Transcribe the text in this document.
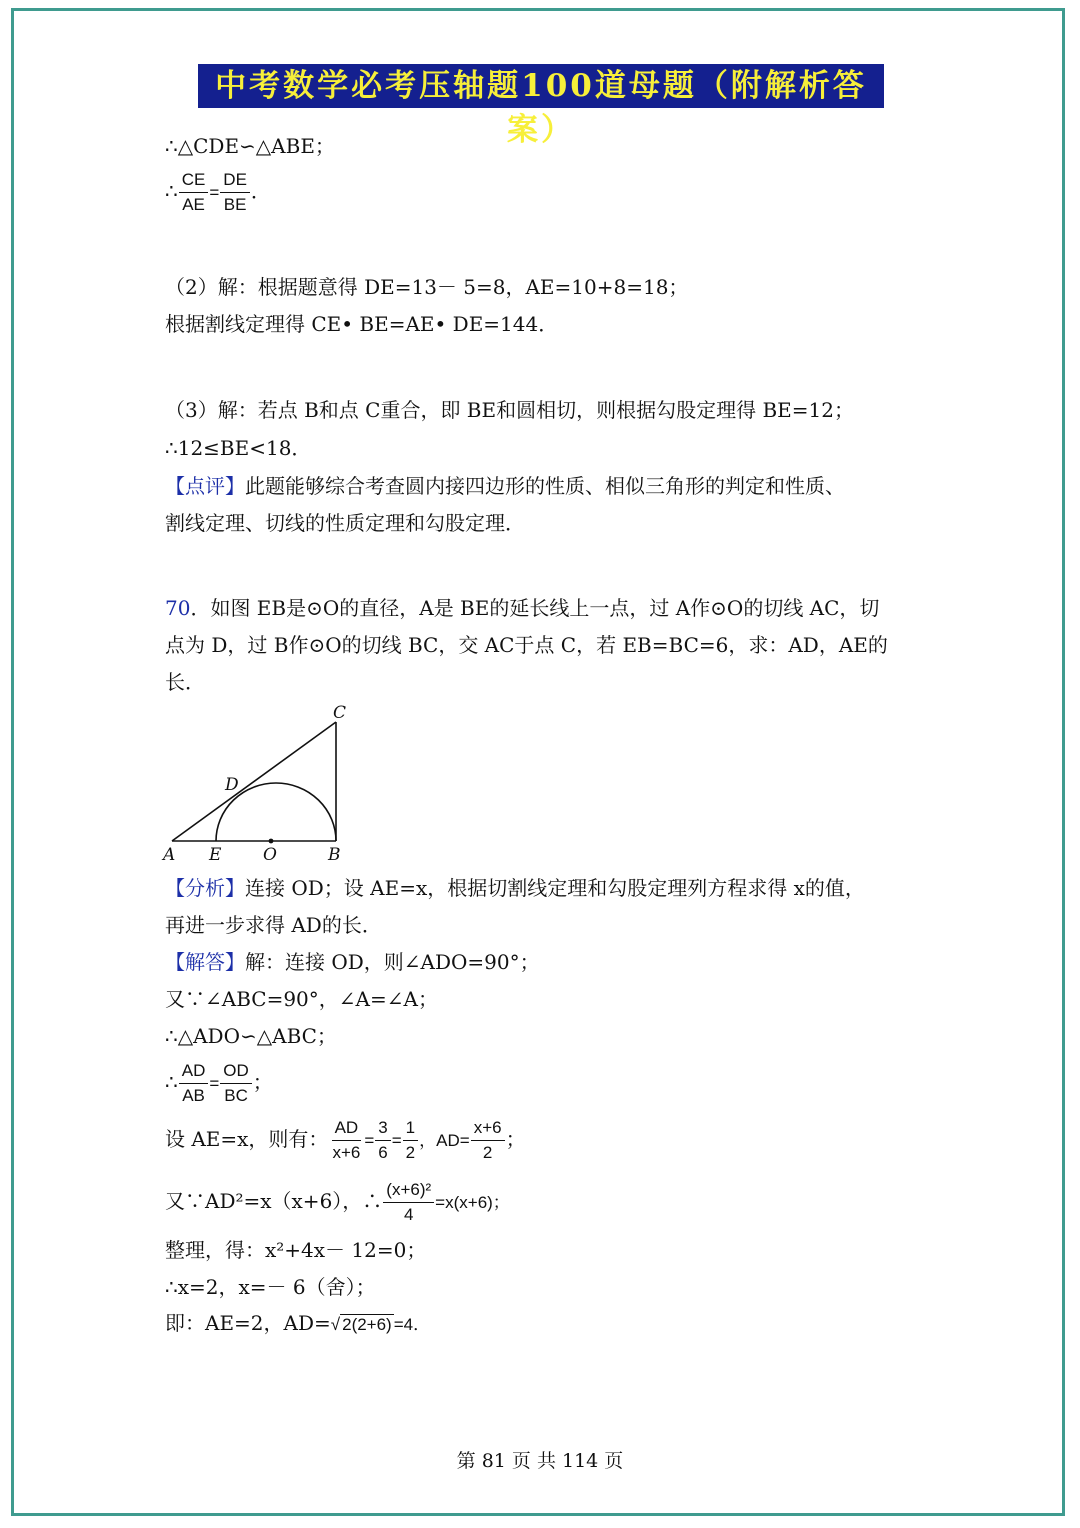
中考数学必考压轴题100道母题（附解析答案）
∴△CDE∽△ABE；
∴ $\frac{CE}{AE} = \frac{DE}{BE}$ ．
（2）解：根据题意得 DE=13－ 5=8，AE=10+8=18；
根据割线定理得 CE• BE=AE• DE=144．
（3）解：若点 B和点 C重合，即 BE和圆相切，则根据勾股定理得 BE=12；
∴12≤BE<18．
【点评】此题能够综合考查圆内接四边形的性质、相似三角形的判定和性质、
割线定理、切线的性质定理和勾股定理．
70．如图 EB是⊙O的直径，A是 BE的延长线上一点，过 A作⊙O的切线 AC，切
点为 D，过 B作⊙O的切线 BC，交 AC于点 C，若 EB=BC=6，求：AD，AE的
长．
A E O	B
C
D
【分析】连接 OD；设 AE=x，根据切割线定理和勾股定理列方程求得 x的值，
再进一步求得 AD的长．
【解答】解：连接 OD，则∠ADO=90°；
又∵∠ABC=90°，∠A=∠A；
∴△ADO∽△ABC；
∴ $\frac{AD}{AB} = \frac{OD}{BC}$ ；
设 AE=x，则有： $\frac{AD}{x+6} = \frac{3}{6} = \frac{1}{2}$ ，$AD= \frac{x+6}{2}$ ；
又∵AD²=x（x+6），∴ $\frac{\text{(x+6)²}}{4} =x(x+6)$；
整理，得：x²+4x－ 12=0；
∴x=2，x=－ 6（舍）；
即：AE=2，AD=√ 2(2+6) =4．
第 81 页 共 114 页
